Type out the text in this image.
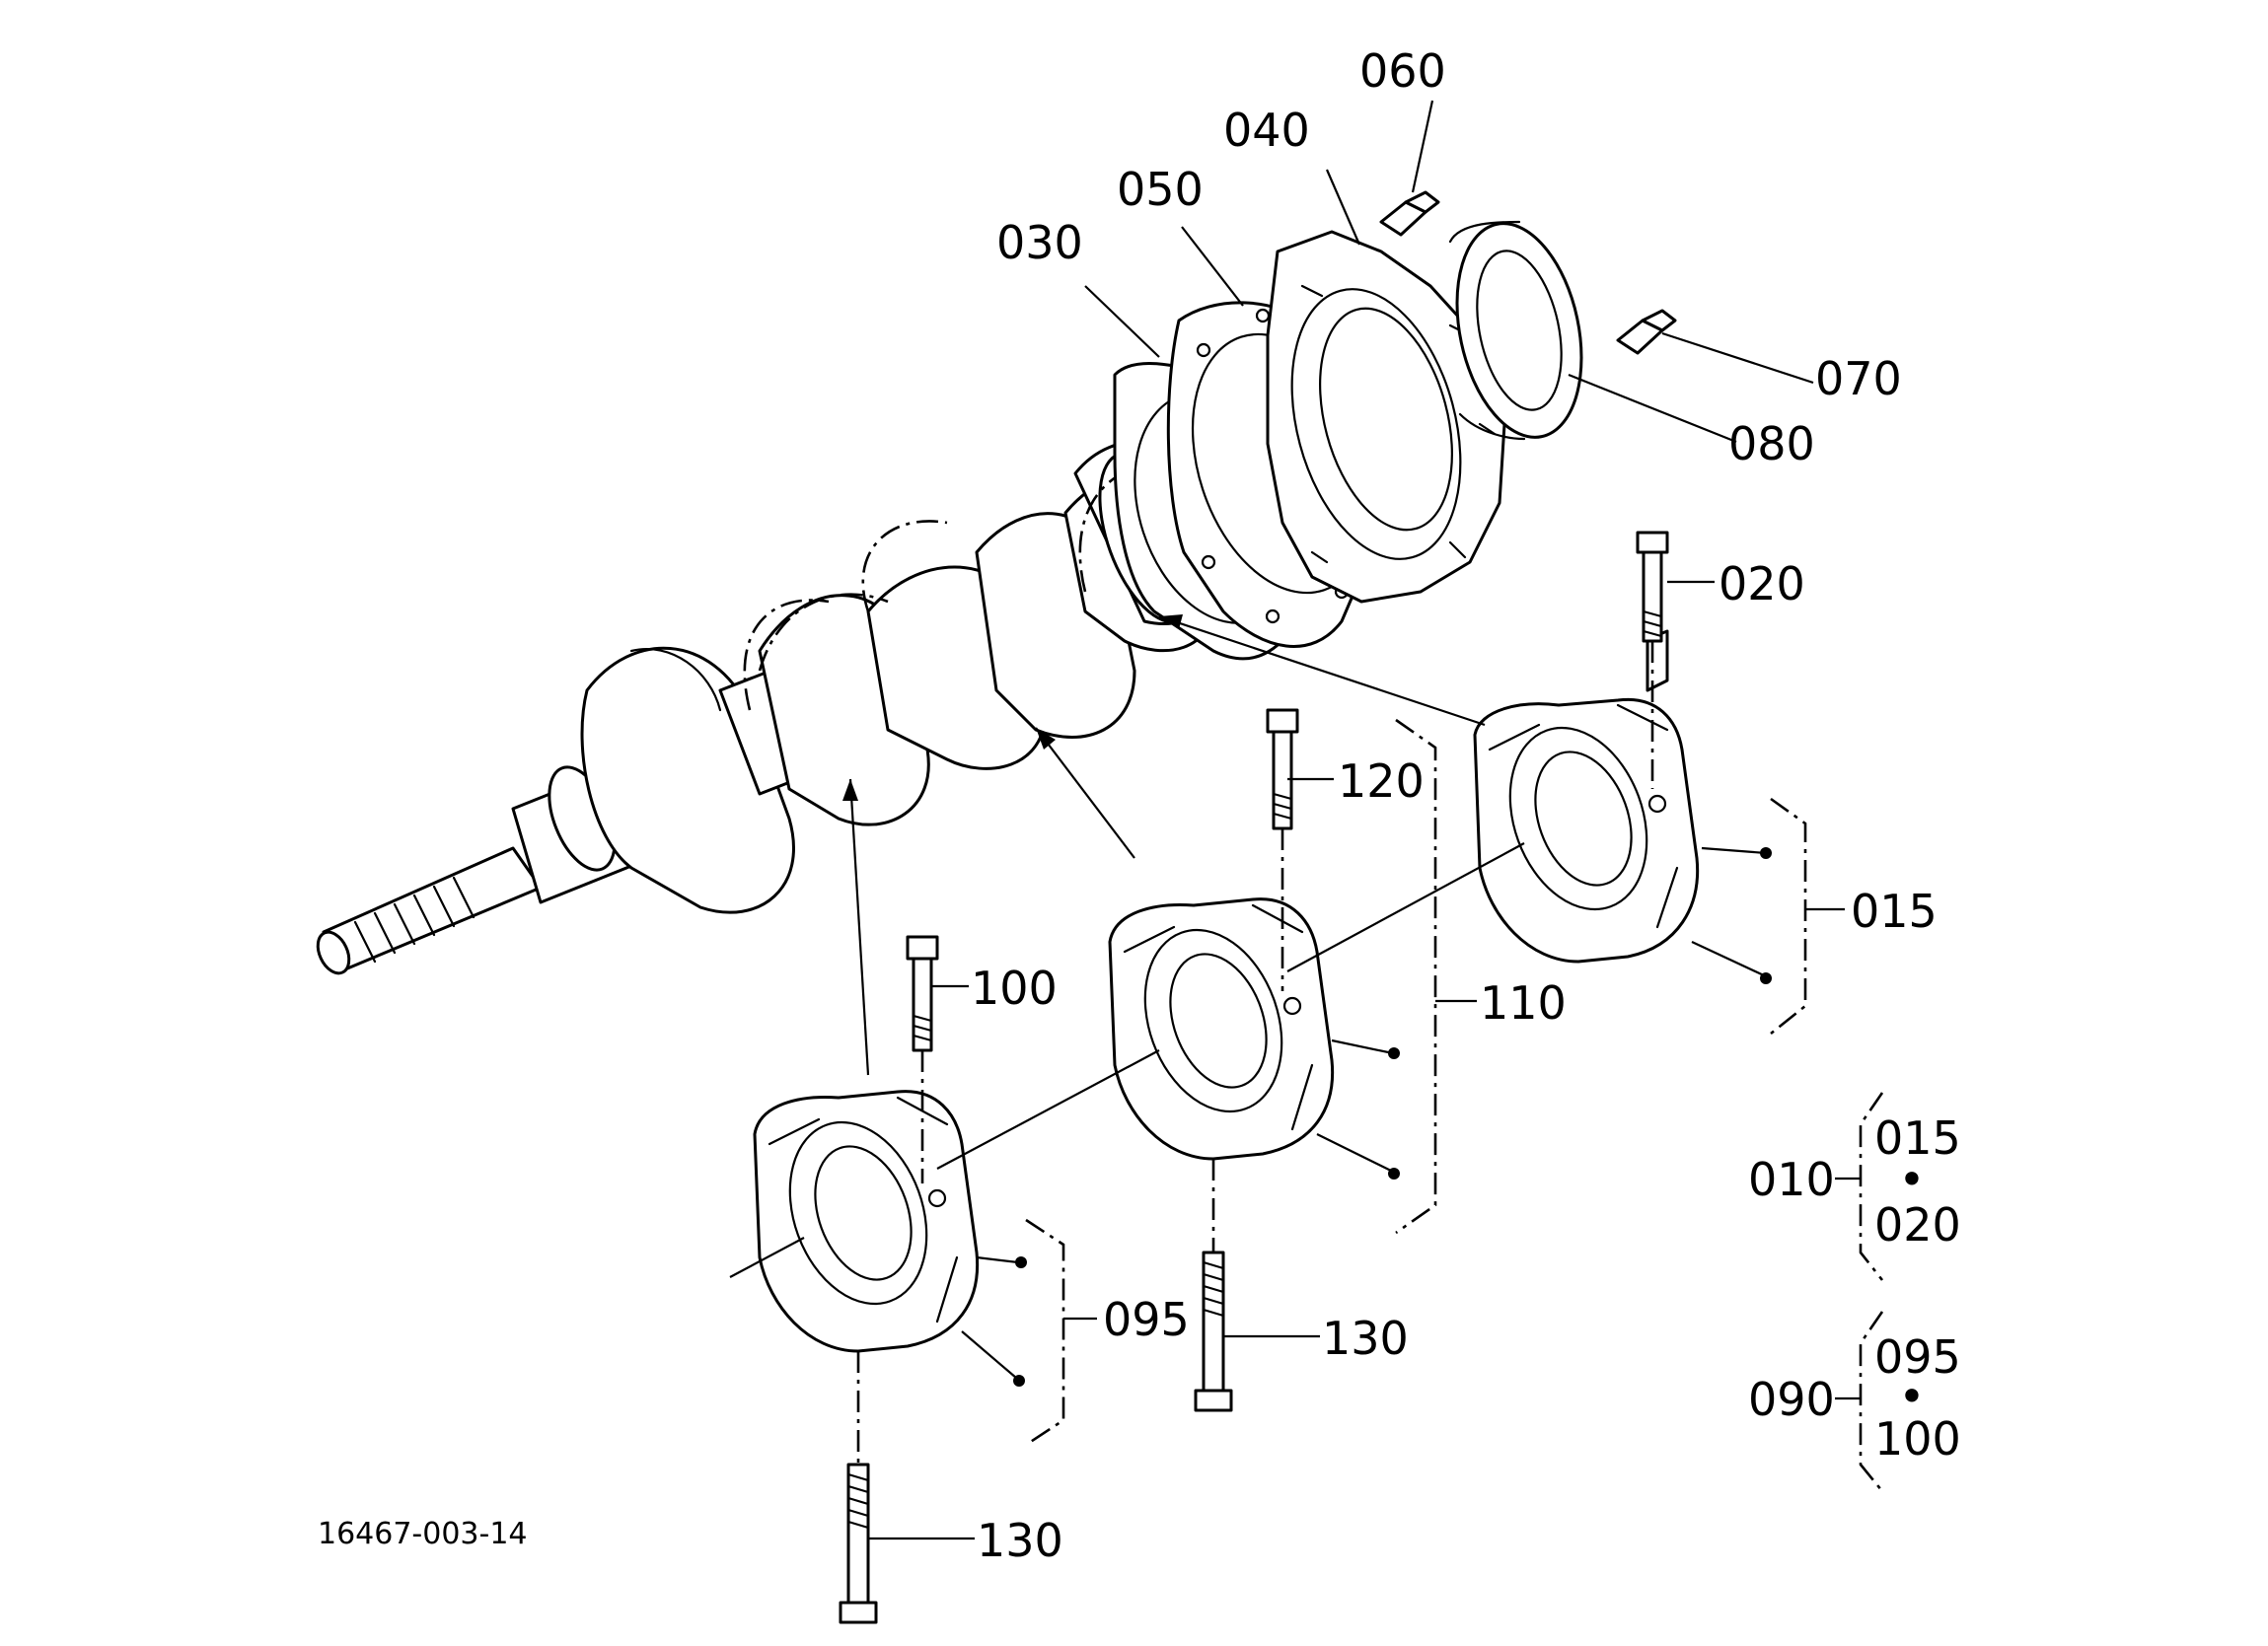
060
040
050
030
070
080
020
120
015
100	110
095	130
130
010
015
•
020
090
095
•
100
16467-003-14
